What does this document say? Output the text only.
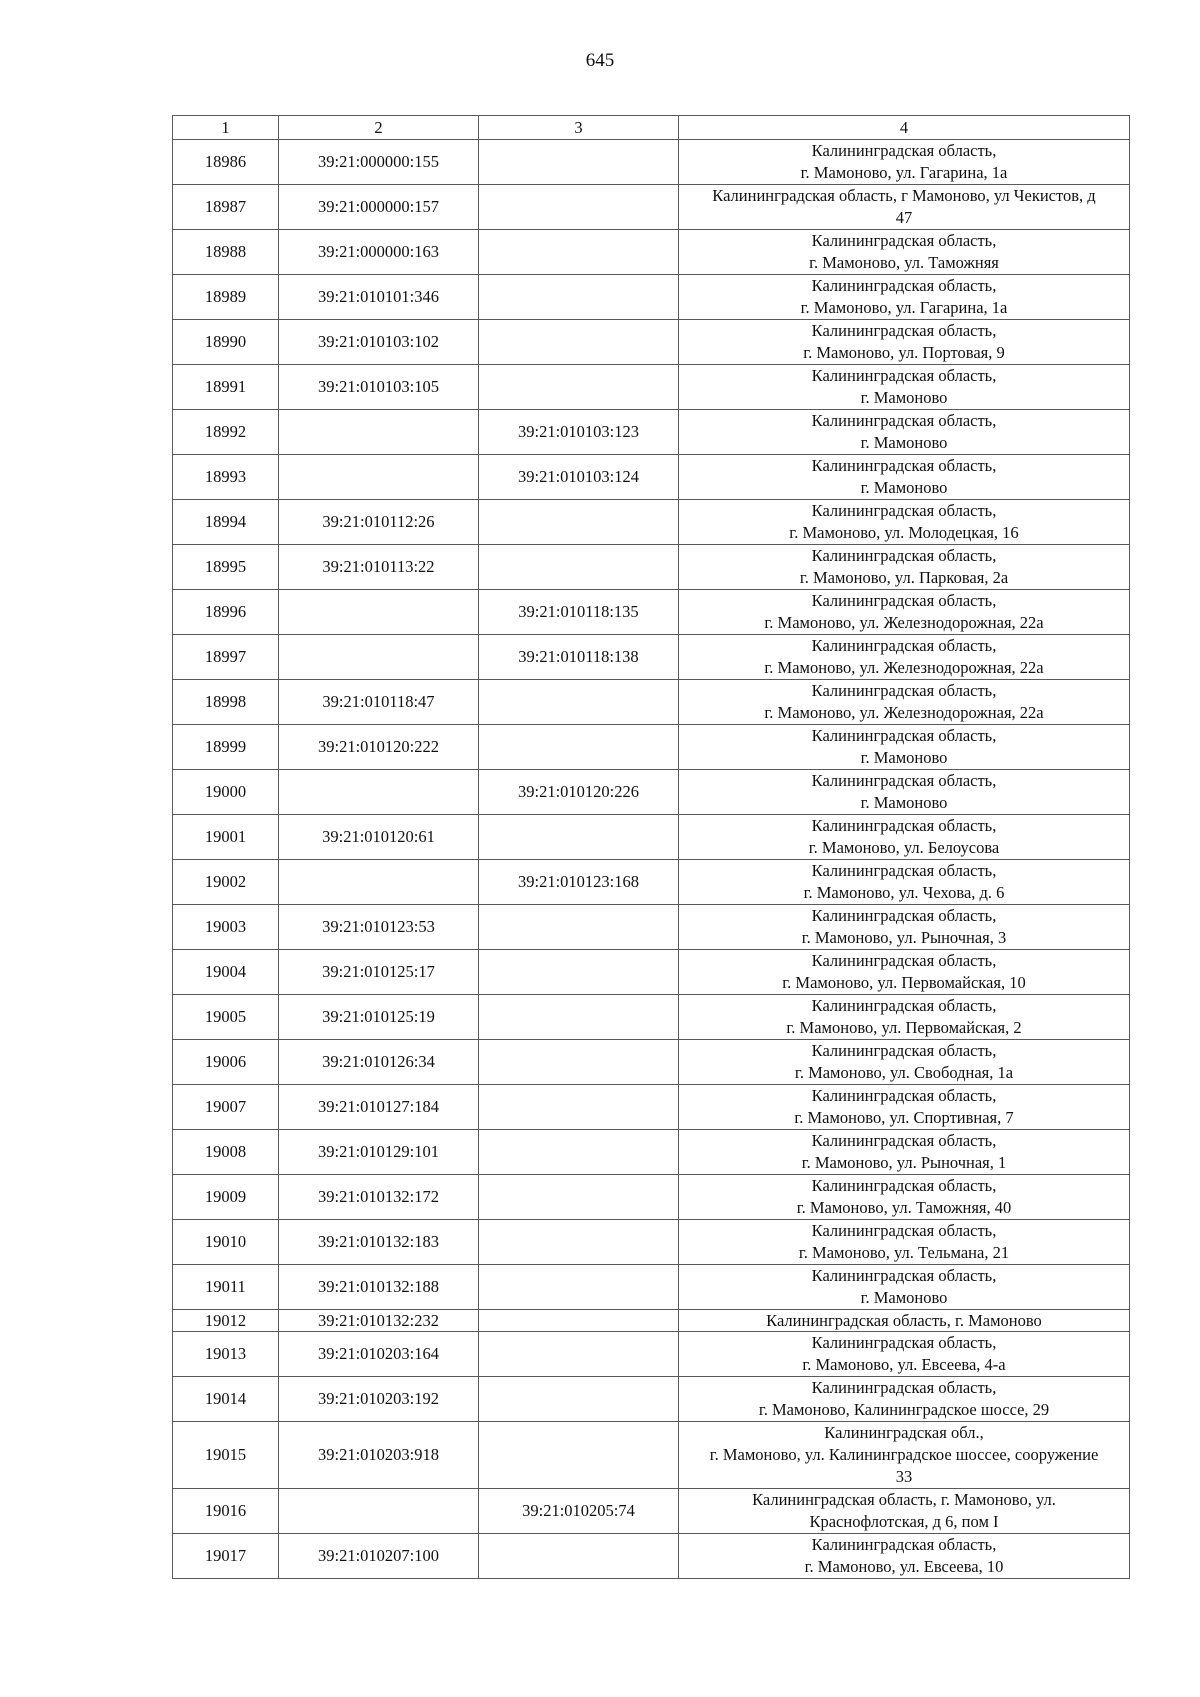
645
1	2	3	4
18986	39:21:000000:155		Калининградская область,
г. Мамоново, ул. Гагарина, 1а

18987	39:21:000000:157		Калининградская область, г Мамоново, ул Чекистов, д
47

18988	39:21:000000:163		Калининградская область,
г. Мамоново, ул. Таможняя

18989	39:21:010101:346		Калининградская область,
г. Мамоново, ул. Гагарина, 1а

18990	39:21:010103:102		Калининградская область,
г. Мамоново, ул. Портовая, 9

18991	39:21:010103:105		Калининградская область,
г. Мамоново

18992		39:21:010103:123	Калининградская область,
г. Мамоново

18993		39:21:010103:124	Калининградская область,
г. Мамоново

18994	39:21:010112:26		Калининградская область,
г. Мамоново, ул. Молодецкая, 16

18995	39:21:010113:22		Калининградская область,
г. Мамоново, ул. Парковая, 2а

18996		39:21:010118:135	Калининградская область,
г. Мамоново, ул. Железнодорожная, 22а

18997		39:21:010118:138	Калининградская область,
г. Мамоново, ул. Железнодорожная, 22а

18998	39:21:010118:47		Калининградская область,
г. Мамоново, ул. Железнодорожная, 22а

18999	39:21:010120:222		Калининградская область,
г. Мамоново

19000		39:21:010120:226	Калининградская область,
г. Мамоново

19001	39:21:010120:61		Калининградская область,
г. Мамоново, ул. Белоусова

19002		39:21:010123:168	Калининградская область,
г. Мамоново, ул. Чехова, д. 6

19003	39:21:010123:53		Калининградская область,
г. Мамоново, ул. Рыночная, 3

19004	39:21:010125:17		Калининградская область,
г. Мамоново, ул. Первомайская, 10

19005	39:21:010125:19		Калининградская область,
г. Мамоново, ул. Первомайская, 2

19006	39:21:010126:34		Калининградская область,
г. Мамоново, ул. Свободная, 1а

19007	39:21:010127:184		Калининградская область,
г. Мамоново, ул. Спортивная, 7

19008	39:21:010129:101		Калининградская область,
г. Мамоново, ул. Рыночная, 1

19009	39:21:010132:172		Калининградская область,
г. Мамоново, ул. Таможняя, 40

19010	39:21:010132:183		Калининградская область,
г. Мамоново, ул. Тельмана, 21

19011	39:21:010132:188		Калининградская область,
г. Мамоново

19012	39:21:010132:232		Калининградская область, г. Мамоново

19013	39:21:010203:164		Калининградская область,
г. Мамоново, ул. Евсеева, 4-а

19014	39:21:010203:192		Калининградская область,
г. Мамоново, Калининградское шоссе, 29

19015	39:21:010203:918		Калининградская обл.,
г. Мамоново, ул. Калининградское шоссее, сооружение
33

19016		39:21:010205:74	Калининградская область, г. Мамоново, ул.
Краснофлотская, д 6, пом I

19017	39:21:010207:100		Калининградская область,
г. Мамоново, ул. Евсеева, 10
